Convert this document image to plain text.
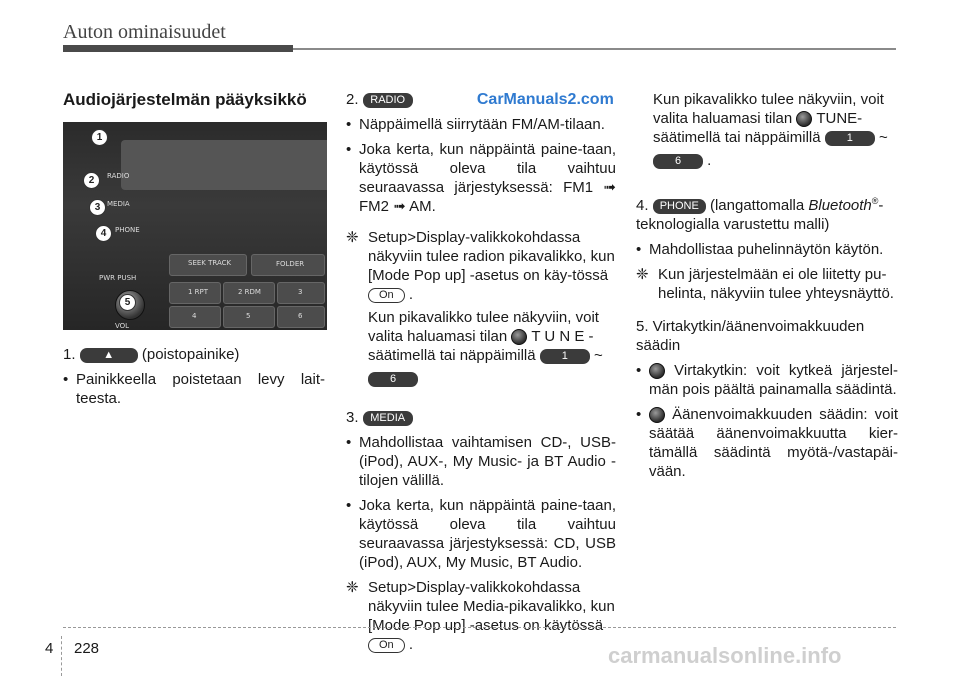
Auton ominaisuudet
Audiojärjestelmän pääyksikkö
RADIO
MEDIA
PHONE
SEEK TRACK	FOLDER
1 RPT	2 RDM	3
4	5	6
PWR PUSH
VOL
1
2
3
4
5
1.	▲ (poistopainike)
• Painikkeella poistetaan levy lait-teesta.
2. RADIO	CarManuals2.com
• Näppäimellä siirrytään FM/AM-tilaan.
• Joka kerta, kun näppäintä paine-taan, käytössä oleva tila vaihtuu seuraavassa järjestyksessä: FM1 ➟ FM2 ➟ AM.
❈ Setup>Display-valikkokohdassa näkyviin tulee radion pikavalikko, kun [Mode Pop up] -asetus on käy-tössä On .
Kun pikavalikko tulee näkyviin, voit valita haluamasi tilan T U N E - säätimellä tai näppäimillä 1 ~
6
3. MEDIA
• Mahdollistaa vaihtamisen CD-, USB- (iPod), AUX-, My Music- ja BT Audio -tilojen välillä.
• Joka kerta, kun näppäintä paine-taan, käytössä oleva tila vaihtuu seuraavassa järjestyksessä: CD, USB (iPod), AUX, My Music, BT Audio.
❈ Setup>Display-valikkokohdassa näkyviin tulee Media-pikavalikko, kun [Mode Pop up] -asetus on käytössä On .
Kun pikavalikko tulee näkyviin, voit valita haluamasi tilan TUNE-säätimellä tai näppäimillä 1 ~
6 .
4. PHONE (langattomalla Bluetooth®-teknologialla varustettu malli)
• Mahdollistaa puhelinnäytön käytön.
❈ Kun järjestelmään ei ole liitetty pu-helinta, näkyviin tulee yhteysnäyttö.
5. Virtakytkin/äänenvoimakkuuden säädin
• Virtakytkin: voit kytkeä järjestel-män pois päältä painamalla säädintä.
• Äänenvoimakkuuden säädin: voit säätää äänenvoimakkuutta kier-tämällä säädintä myötä-/vastapäi-vään.
4 228	carmanualsonline.info
